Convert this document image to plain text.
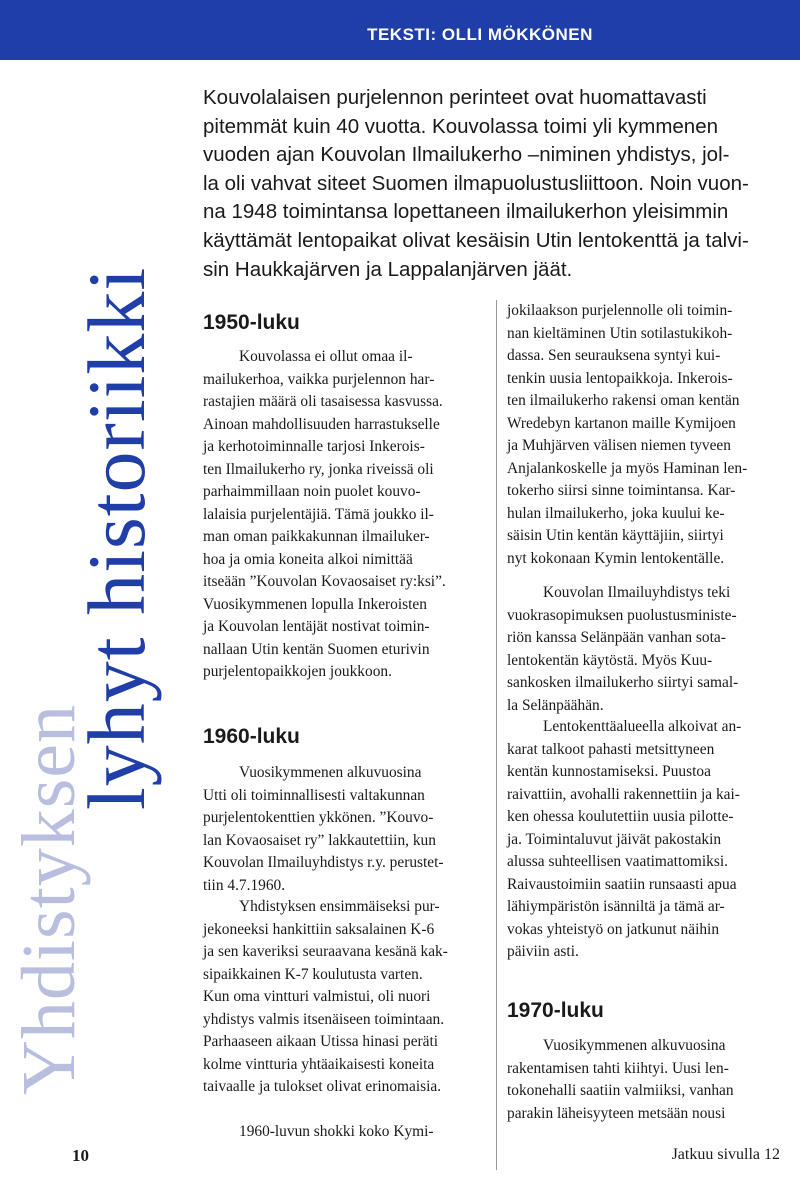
TEKSTI: OLLI MÖKKÖNEN
Yhdistyksen
lyhyt historiikki
Kouvolalaisen purjelennon perinteet ovat huomattavasti
pitemmät kuin 40 vuotta. Kouvolassa toimi yli kymmenen
vuoden ajan Kouvolan Ilmailukerho –niminen yhdistys, jol-
la oli vahvat siteet Suomen ilmapuolustusliittoon. Noin vuon-
na 1948 toimintansa lopettaneen ilmailukerhon yleisimmin
käyttämät lentopaikat olivat kesäisin Utin lentokenttä ja talvi-
sin Haukkajärven ja Lappalanjärven jäät.
1950-luku
Kouvolassa ei ollut omaa il-
mailukerhoa, vaikka purjelennon har-
rastajien määrä oli tasaisessa kasvussa.
Ainoan mahdollisuuden harrastukselle
ja kerhotoiminnalle tarjosi Inkerois-
ten Ilmailukerho ry, jonka riveissä oli
parhaimmillaan noin puolet kouvo-
lalaisia purjelentäjiä. Tämä joukko il-
man oman paikkakunnan ilmailuker-
hoa ja omia koneita alkoi nimittää
itseään ”Kouvolan Kovaosaiset ry:ksi”.
Vuosikymmenen lopulla Inkeroisten
ja Kouvolan lentäjät nostivat toimin-
nallaan Utin kentän Suomen eturivin
purjelentopaikkojen joukkoon.
1960-luku
Vuosikymmenen alkuvuosina
Utti oli toiminnallisesti valtakunnan
purjelentokenttien ykkönen. ”Kouvo-
lan Kovaosaiset ry” lakkautettiin, kun
Kouvolan Ilmailuyhdistys r.y. perustet-
tiin 4.7.1960.
Yhdistyksen ensimmäiseksi pur-
jekoneeksi hankittiin saksalainen K-6
ja sen kaveriksi seuraavana kesänä kak-
sipaikkainen K-7 koulutusta varten.
Kun oma vintturi valmistui, oli nuori
yhdistys valmis itsenäiseen toimintaan.
Parhaaseen aikaan Utissa hinasi peräti
kolme vintturia yhtäaikaisesti koneita
taivaalle ja tulokset olivat erinomaisia.
1960-luvun shokki koko Kymi-
jokilaakson purjelennolle oli toimin-
nan kieltäminen Utin sotilastukikoh-
dassa. Sen seurauksena syntyi kui-
tenkin uusia lentopaikkoja. Inkerois-
ten ilmailukerho rakensi oman kentän
Wredebyn kartanon maille Kymijoen
ja Muhjärven välisen niemen tyveen
Anjalankoskelle ja myös Haminan len-
tokerho siirsi sinne toimintansa. Kar-
hulan ilmailukerho, joka kuului ke-
säisin Utin kentän käyttäjiin, siirtyi
nyt kokonaan Kymin lentokentälle.
Kouvolan Ilmailuyhdistys teki
vuokrasopimuksen puolustusministe-
riön kanssa Selänpään vanhan sota-
lentokentän käytöstä. Myös Kuu-
sankosken ilmailukerho siirtyi samal-
la Selänpäähän.
Lentokenttäalueella alkoivat an-
karat talkoot pahasti metsittyneen
kentän kunnostamiseksi. Puustoa
raivattiin, avohalli rakennettiin ja kai-
ken ohessa koulutettiin uusia pilotte-
ja. Toimintaluvut jäivät pakostakin
alussa suhteellisen vaatimattomiksi.
Raivaustoimiin saatiin runsaasti apua
lähiympäristön isänniltä ja tämä ar-
vokas yhteistyö on jatkunut näihin
päiviin asti.
1970-luku
Vuosikymmenen alkuvuosina
rakentamisen tahti kiihtyi. Uusi len-
tokonehalli saatiin valmiiksi, vanhan
parakin läheisyyteen metsään nousi
10	Jatkuu sivulla 12
